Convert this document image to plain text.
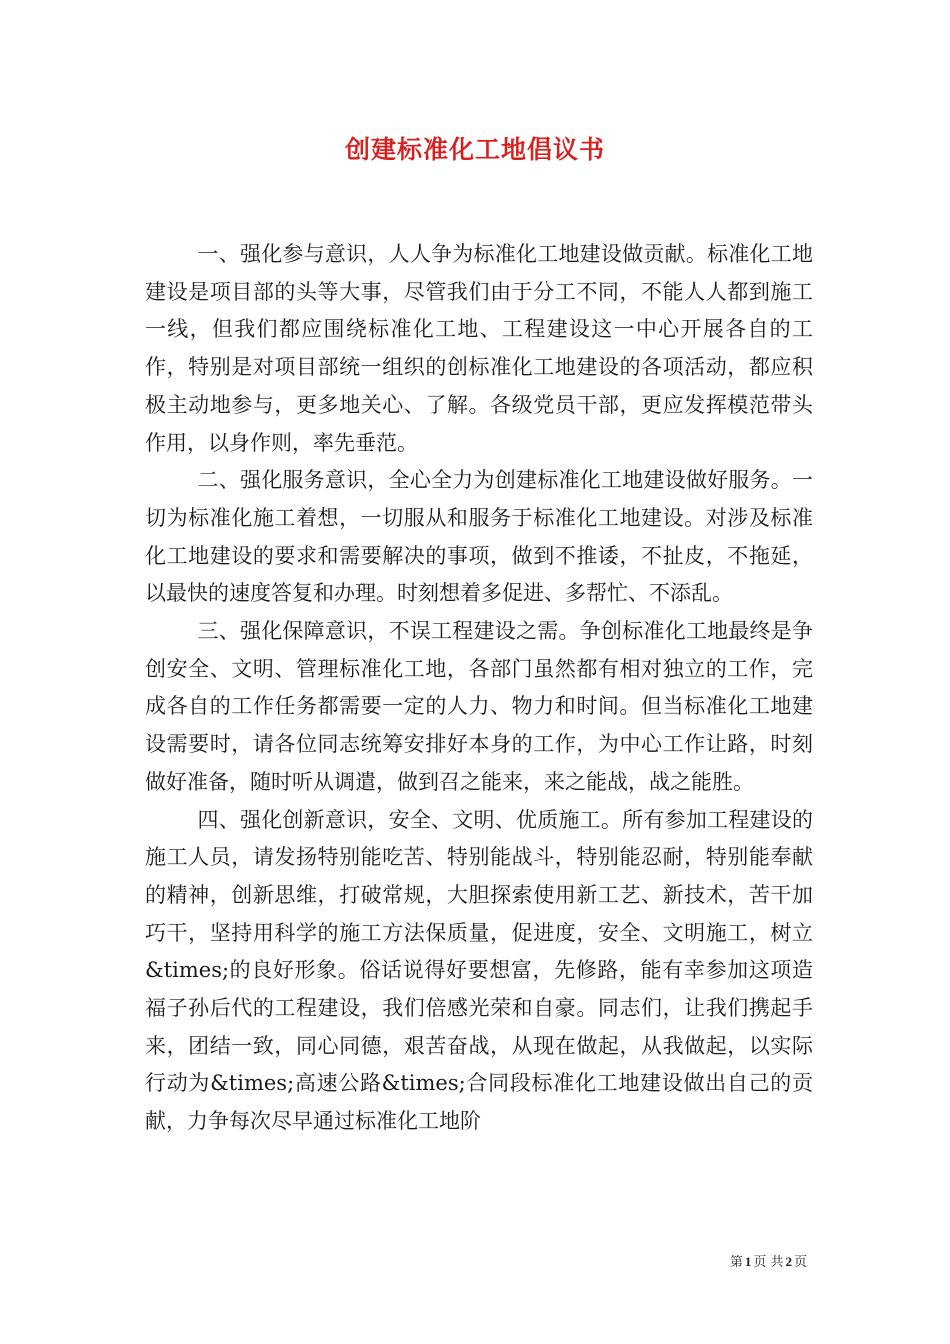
创建标准化工地倡议书

一、强化参与意识，人人争为标准化工地建设做贡献。标准化工地建设是项目部的头等大事，尽管我们由于分工不同，不能人人都到施工一线，但我们都应围绕标准化工地、工程建设这一中心开展各自的工作，特别是对项目部统一组织的创标准化工地建设的各项活动，都应积极主动地参与，更多地关心、了解。各级党员干部，更应发挥模范带头作用，以身作则，率先垂范。

二、强化服务意识，全心全力为创建标准化工地建设做好服务。一切为标准化施工着想，一切服从和服务于标准化工地建设。对涉及标准化工地建设的要求和需要解决的事项，做到不推诿，不扯皮，不拖延，以最快的速度答复和办理。时刻想着多促进、多帮忙、不添乱。

三、强化保障意识，不误工程建设之需。争创标准化工地最终是争创安全、文明、管理标准化工地，各部门虽然都有相对独立的工作，完成各自的工作任务都需要一定的人力、物力和时间。但当标准化工地建设需要时，请各位同志统筹安排好本身的工作，为中心工作让路，时刻做好准备，随时听从调遣，做到召之能来，来之能战，战之能胜。

四、强化创新意识，安全、文明、优质施工。所有参加工程建设的施工人员，请发扬特别能吃苦、特别能战斗，特别能忍耐，特别能奉献的精神，创新思维，打破常规，大胆探索使用新工艺、新技术，苦干加巧干，坚持用科学的施工方法保质量，促进度，安全、文明施工，树立&times;的良好形象。俗话说得好要想富，先修路，能有幸参加这项造福子孙后代的工程建设，我们倍感光荣和自豪。同志们，让我们携起手来，团结一致，同心同德，艰苦奋战，从现在做起，从我做起，以实际行动为&times;高速公路&times;合同段标准化工地建设做出自己的贡献，力争每次尽早通过标准化工地阶

第 1 页 共 2 页
